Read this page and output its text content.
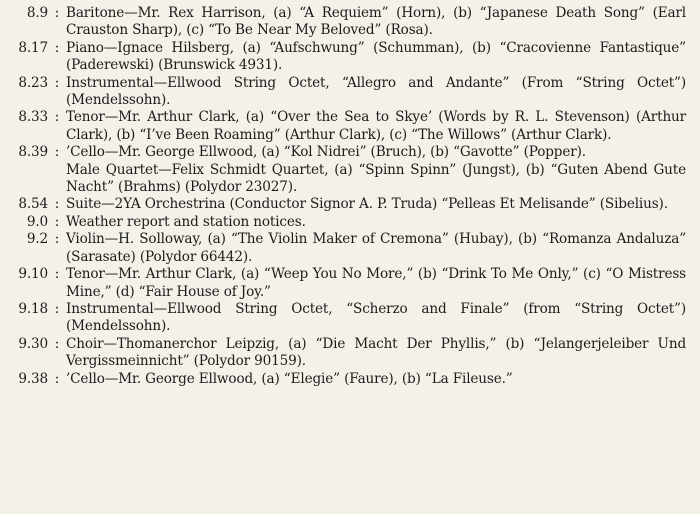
8.9 : Baritone—Mr. Rex Harrison, (a) “A Requiem” (Horn), (b) “Japanese Death Song” (Earl Crauston Sharp), (c) “To Be Near My Beloved” (Rosa).
8.17 : Piano—Ignace Hilsberg, (a) “Aufschwung” (Schumman), (b) “Cracovienne Fantastique” (Paderewski) (Brunswick 4931).
8.23 : Instrumental—Ellwood String Octet, “Allegro and Andante” (From “String Octet”) (Mendelssohn).
8.33 : Tenor—Mr. Arthur Clark, (a) “Over the Sea to Skye’ (Words by R. L. Stevenson) (Arthur Clark), (b) “I’ve Been Roaming” (Arthur Clark), (c) “The Willows” (Arthur Clark).
8.39 : ’Cello—Mr. George Ellwood, (a) “Kol Nidrei” (Bruch), (b) “Gavotte” (Popper).
Male Quartet—Felix Schmidt Quartet, (a) “Spinn Spinn” (Jungst), (b) “Guten Abend Gute Nacht” (Brahms) (Polydor 23027).
8.54 : Suite—2YA Orchestrina (Conductor Signor A. P. Truda) “Pelleas Et Melisande” (Sibelius).
9.0 : Weather report and station notices.
9.2 : Violin—H. Solloway, (a) “The Violin Maker of Cremona” (Hubay), (b) “Romanza Andaluza” (Sarasate) (Polydor 66442).
9.10 : Tenor—Mr. Arthur Clark, (a) “Weep You No More,” (b) “Drink To Me Only,” (c) “O Mistress Mine,” (d) “Fair House of Joy.”
9.18 : Instrumental—Ellwood String Octet, “Scherzo and Finale” (from “String Octet”) (Mendelssohn).
9.30 : Choir—Thomanerchor Leipzig, (a) “Die Macht Der Phyllis,” (b) “Jelangerjeleiber Und Vergissmeinnicht” (Polydor 90159).
9.38 : ’Cello—Mr. George Ellwood, (a) “Elegie” (Faure), (b) “La Fileuse.”
